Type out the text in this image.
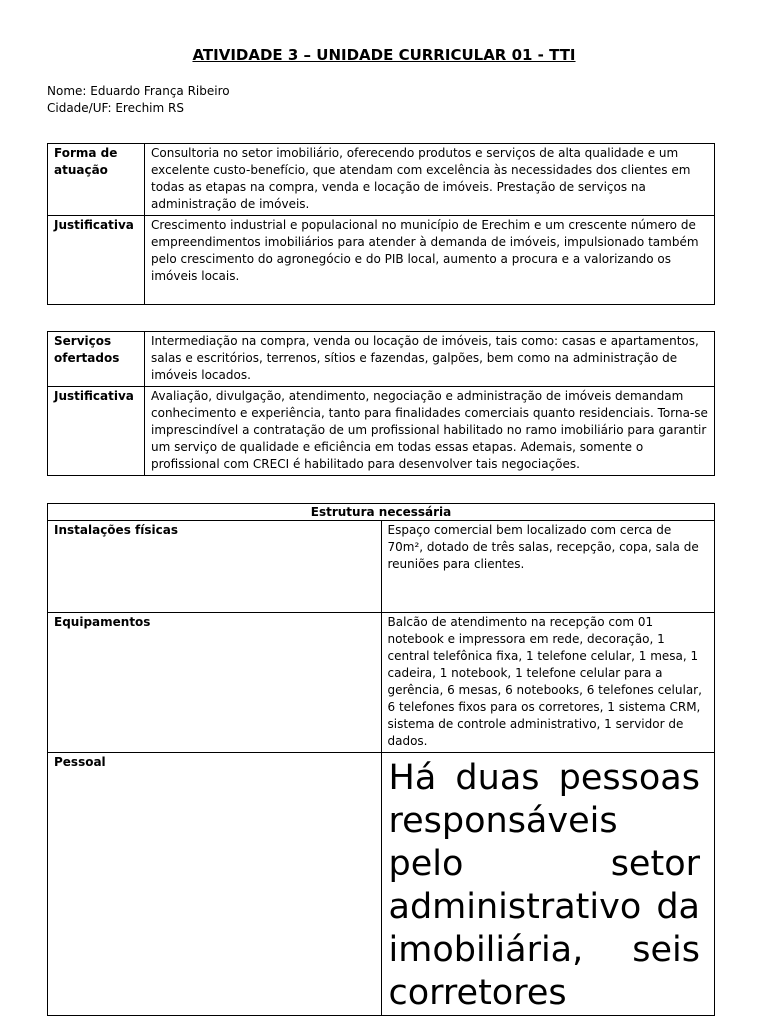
ATIVIDADE 3 – UNIDADE CURRICULAR 01 - TTI
Nome: Eduardo França Ribeiro
Cidade/UF: Erechim RS
Forma de atuação	Consultoria no setor imobiliário, oferecendo produtos e serviços de alta qualidade e um excelente custo-benefício, que atendam com excelência às necessidades dos clientes em todas as etapas na compra, venda e locação de imóveis. Prestação de serviços na administração de imóveis.
Justificativa	Crescimento industrial e populacional no município de Erechim e um crescente número de empreendimentos imobiliários para atender à demanda de imóveis, impulsionado também pelo crescimento do agronegócio e do PIB local, aumento a procura e a valorizando os imóveis locais.
Serviços ofertados	Intermediação na compra, venda ou locação de imóveis, tais como: casas e apartamentos, salas e escritórios, terrenos, sítios e fazendas, galpões, bem como na administração de imóveis locados.
Justificativa	Avaliação, divulgação, atendimento, negociação e administração de imóveis demandam conhecimento e experiência, tanto para finalidades comerciais quanto residenciais. Torna-se imprescindível a contratação de um profissional habilitado no ramo imobiliário para garantir um serviço de qualidade e eficiência em todas essas etapas. Ademais, somente o profissional com CRECI é habilitado para desenvolver tais negociações.
Estrutura necessária	
Instalações físicas	Espaço comercial bem localizado com cerca de 70m², dotado de três salas, recepção, copa, sala de reuniões para clientes.
Equipamentos	Balcão de atendimento na recepção com 01 notebook e impressora em rede, decoração, 1 central telefônica fixa, 1 telefone celular, 1 mesa, 1 cadeira, 1 notebook, 1 telefone celular para a gerência, 6 mesas, 6 notebooks, 6 telefones celular, 6 telefones fixos para os corretores, 1 sistema CRM, sistema de controle administrativo, 1 servidor de dados.
Pessoal	Há duas pessoas responsáveis pelo setor administrativo da imobiliária, seis corretores
